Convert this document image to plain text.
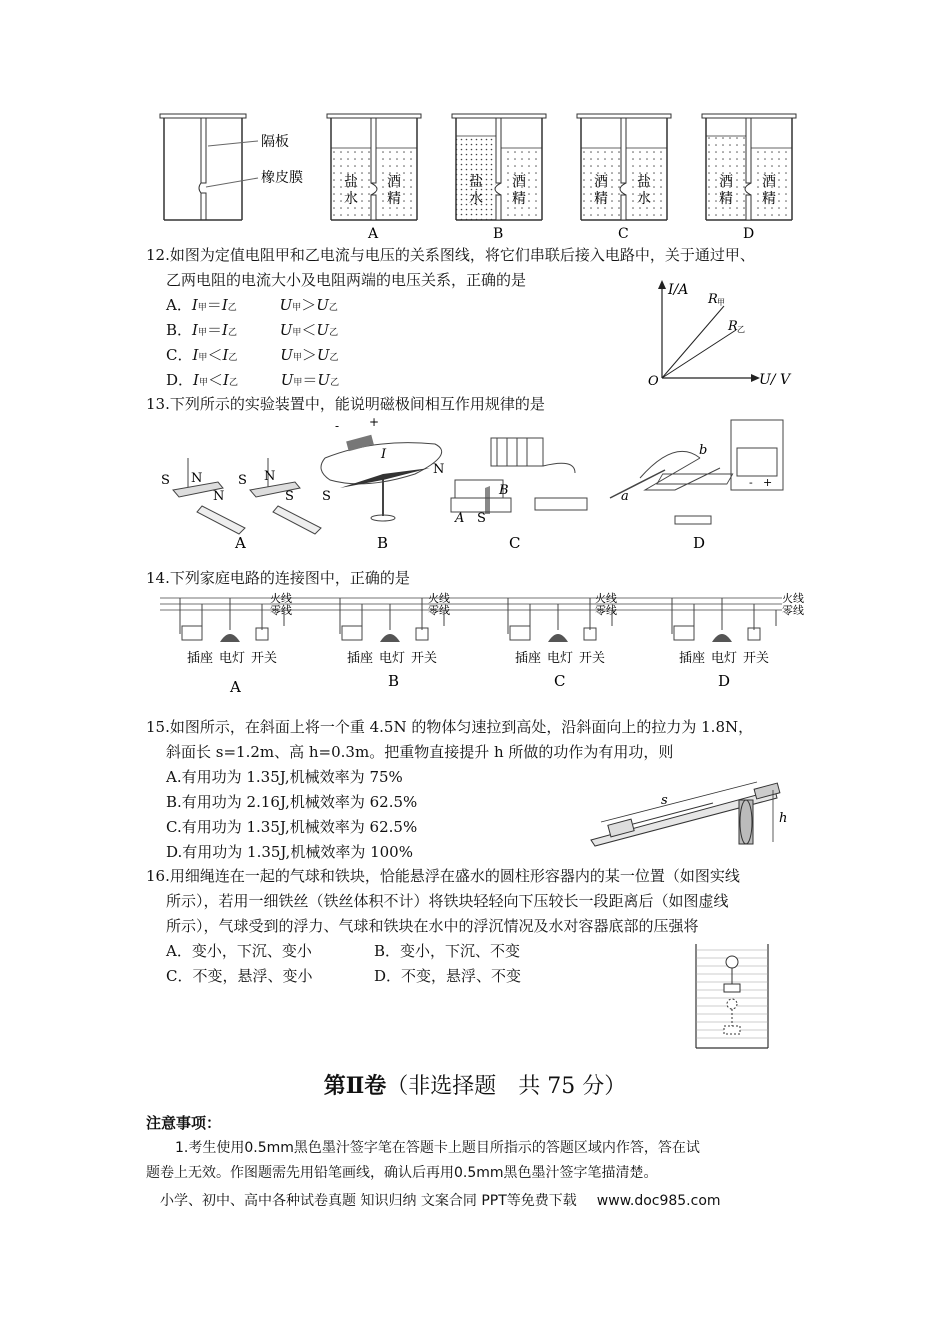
隔板
橡皮膜	盐
水
酒
精
A
盐
水
酒
精
B
酒
精
盐
水
C
酒
精
酒
精
D
12.如图为定值电阻甲和乙电流与电压的关系图线，将它们串联后接入电路中，关于通过甲、
乙两电阻的电流大小及电阻两端的电压关系，正确的是
A．I甲＝I乙	U甲＞U乙
B．I甲＝I乙	U甲＜U乙
C．I甲＜I乙	U甲＞U乙
D．I甲＜I乙	U甲＝U乙
I/A
U/ V
O
R 甲
R 乙
13.下列所示的实验装置中，能说明磁极间相互作用规律的是
S N	S N
N	S
A
- +
I
S
N
B
B
A S
C
b
a
- +
D
14.下列家庭电路的连接图中，正确的是
火线
零线
火线
零线
火线
零线
火线
零线
插座 电灯 开关
A
插座 电灯 开关
B
插座 电灯 开关
C
插座 电灯 开关
D
15.如图所示，在斜面上将一个重 4.5N 的物体匀速拉到高处，沿斜面向上的拉力为 1.8N，
斜面长 s=1.2m、高 h=0.3m。把重物直接提升 h 所做的功作为有用功，则
A.有用功为 1.35J,机械效率为 75%
B.有用功为 2.16J,机械效率为 62.5%
C.有用功为 1.35J,机械效率为 62.5%
D.有用功为 1.35J,机械效率为 100%
s
h
16.用细绳连在一起的气球和铁块，恰能悬浮在盛水的圆柱形容器内的某一位置（如图实线
所示），若用一细铁丝（铁丝体积不计）将铁块轻轻向下压较长一段距离后（如图虚线
所示），气球受到的浮力、气球和铁块在水中的浮沉情况及水对容器底部的压强将
A．变小，下沉、变小	B．变小，下沉、不变
C．不变，悬浮、变小	D．不变，悬浮、不变
第Ⅱ卷（非选择题　共 75 分）
注意事项：
1.考生使用0.5mm黑色墨汁签字笔在答题卡上题目所指示的答题区域内作答，答在试
题卷上无效。作图题需先用铅笔画线，确认后再用0.5mm黑色墨汁签字笔描清楚。
小学、初中、高中各种试卷真题 知识归纳 文案合同 PPT等免费下载 www.doc985.com
